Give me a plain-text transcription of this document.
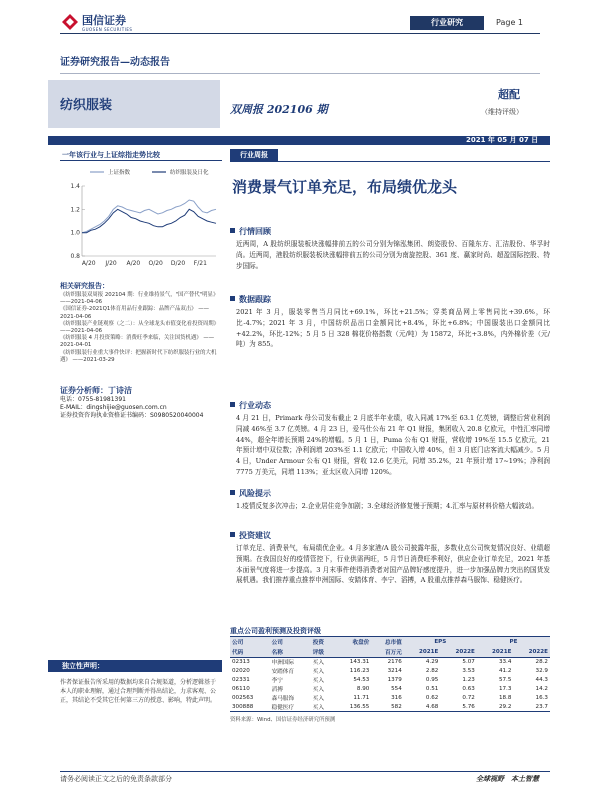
国信证券
GUOSEN SECURITIES
行业研究	Page 1
证券研究报告—动态报告
纺织服装	双周报 202106 期
超配
（维持评级）
2021 年 05 月 07 日
一年该行业与上证综指走势比较
上证指数	纺织服装及日化
1.4
1.2
1.0
0.8
A/20 J/20 A/20 O/20 D/20 F/21
相关研究报告：
《纺织服装双周报 202104 期：行业维持景气，"国产替代"明显》 ——2021-04-06
《国信证券-2021Q1体育用品行业跟踪：品牌产品双击》 ——2021-04-06
《纺织服装产业链观察（之二）：从全球龙头市值变化看投资周期》 ——2021-04-06
《纺织服装 4 月投资策略：消费旺季来临，关注国货机遇》 ——2021-04-01
《纺织服装行业重大事件快评：把握新时代下纺织服装行业的大机遇》 ——2021-03-29
证券分析师：丁诗洁
电话：0755-81981391
E-MAIL：dingshijie@guosen.com.cn
证券投资咨询执业资格证书编码：S0980520040004
独立性声明：
作者保证报告所采用的数据均来自合规渠道，分析逻辑基于本人的职业理解，通过合理判断并得出结论，力求客观、公正，其结论不受其它任何第三方的授意、影响，特此声明。
行业周报
消费景气订单充足，布局绩优龙头
行情回顾
近两周，A 股纺织服装板块涨幅排前五的公司分别为锦泓集团、朗姿股份、百隆东方、汇洁股份、华孚时尚。近两周，港股纺织服装板块涨幅排前五的公司分别为南旋控股、361 度、赢家时尚、超盈国际控股、特步国际。
数据跟踪
2021 年 3 月，服装零售当月同比+69.1%，环比+21.5%；穿类商品网上零售同比+39.6%，环比-4.7%；2021 年 3 月，中国纺织品出口金额同比+8.4%，环比+6.8%；中国服装出口金额同比+42.2%，环比-12%；5 月 5 日 328 棉花价格指数（元/吨）为 15872，环比+3.8%，内外棉价差（元/吨）为 855。
行业动态
4 月 21 日，Primark 母公司发布截止 2 月底半年业绩，收入同减 17%至 63.1 亿英镑，调整后营业利润同减 46%至 3.7 亿英镑。4 月 23 日，爱马仕公布 21 年 Q1 财报，集团收入 20.8 亿欧元，中性汇率同增 44%，超全年增长预期 24%的增幅。5 月 1 日，Puma 公布 Q1 财报，营收增 19%至 15.5 亿欧元，21 年预计增中双位数；净利润增 203%至 1.1 亿欧元；中国收入增 40%，但 3 月底门店客流大幅减少。5 月 4 日，Under Armour 公布 Q1 财报，营收 12.6 亿美元，同增 35.2%，21 年预计增 17~19%；净利润 7775 万美元，同增 113%；亚太区收入同增 120%。
风险提示
1.疫情反复多次冲击；2.企业居住竞争加剧；3.全球经济修复慢于预期；4.汇率与原材料价格大幅波动。
投资建议
订单充足、消费景气，布局绩优企业。4 月多家港/A 股公司披露年报，多数业点公司恢复情况良好、业绩超预期。在我国良好的疫情管控下，行业供需两旺，5 月节日消费旺季利好，供应企业订单充足，2021 年基本面景气度将进一步提高。3 月末事件使得消费者对国产品牌好感度提升，进一步加强品牌力突出的国货发展机遇。我们推荐重点推荐申洲国际、安踏体育、李宁、滔搏，A 股重点推荐森马服饰、稳健医疗。
重点公司盈利预测及投资评级
公司	公司	投资	收盘价	总市值	EPS		PE	
代码	名称	评级		百万元	2021E	2022E	2021E	2022E
02313	申洲国际	买入	143.31	2176	4.29	5.07	33.4	28.2
02020	安踏体育	买入	116.23	3214	2.82	3.53	41.2	32.9
02331	李宁	买入	54.53	1379	0.95	1.23	57.5	44.3
06110	滔搏	买入	8.90	554	0.51	0.63	17.3	14.2
002563	森马服饰	买入	11.71	316	0.62	0.72	18.8	16.3
300888	稳健医疗	买入	136.55	582	4.68	5.76	29.2	23.7
资料来源：Wind、国信证券经济研究所预测
请务必阅读正文之后的免责条款部分	全球视野　本土智慧
